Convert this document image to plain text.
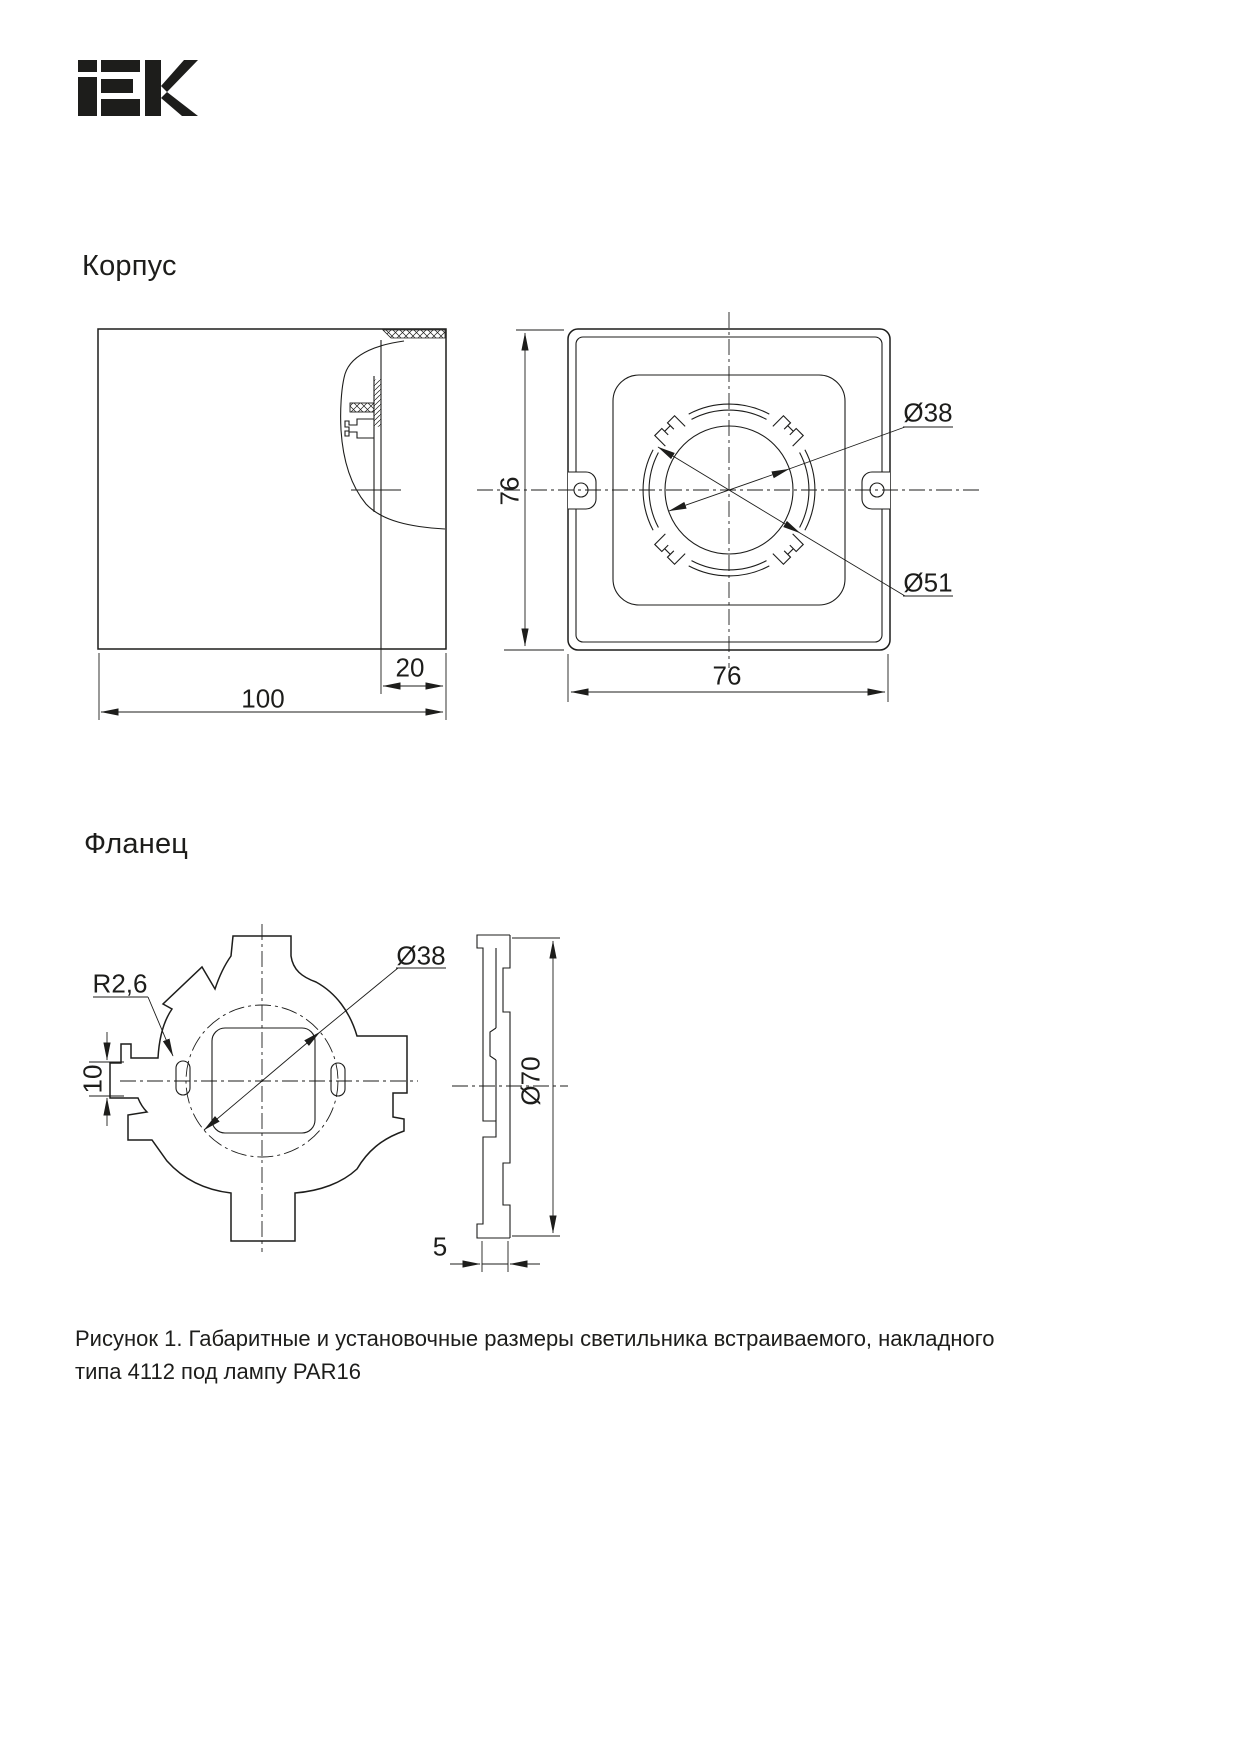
Корпус
Фланец
76
76
100
20
Ø38
Ø51
Ø38
R2,6
10	Ø70
5
Рисунок 1. Габаритные и установочные размеры светильника встраиваемого, накладного
типа 4112 под лампу PAR16
